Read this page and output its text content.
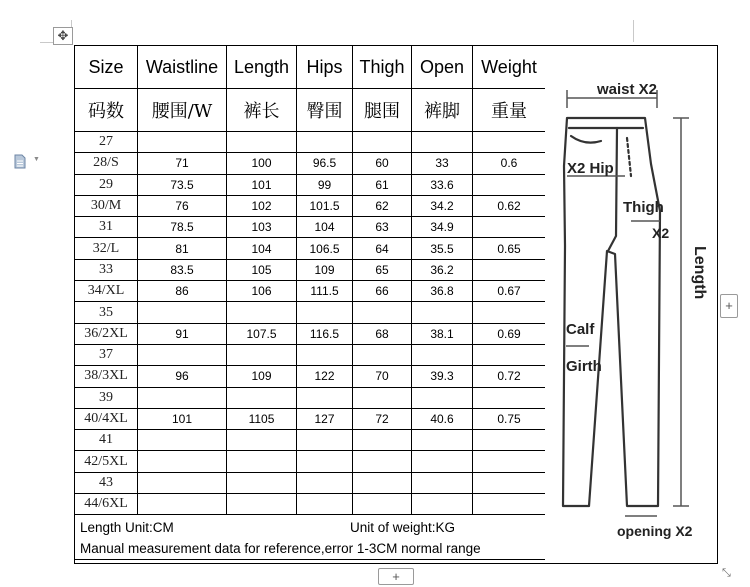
✥
▼
Size	Waistline	Length	Hips	Thigh	Open	Weight
码数	腰围/W	裤长	臀围	腿围	裤脚	重量
27						
28/S	71	100	96.5	60	33	0.6
29	73.5	101	99	61	33.6	
30/M	76	102	101.5	62	34.2	0.62
31	78.5	103	104	63	34.9	
32/L	81	104	106.5	64	35.5	0.65
33	83.5	105	109	65	36.2	
34/XL	86	106	111.5	66	36.8	0.67
35						
36/2XL	91	107.5	116.5	68	38.1	0.69
37						
38/3XL	96	109	122	70	39.3	0.72
39						
40/4XL	101	1105	127	72	40.6	0.75
41						
42/5XL						
43						
44/6XL						

Length Unit:CM	Unit of weight:KG
Manual measurement data for reference,error 1-3CM normal range
waist X2
X2 Hip
Thigh
X2
Length
Calf
Girth
opening X2
+
+	⤡
